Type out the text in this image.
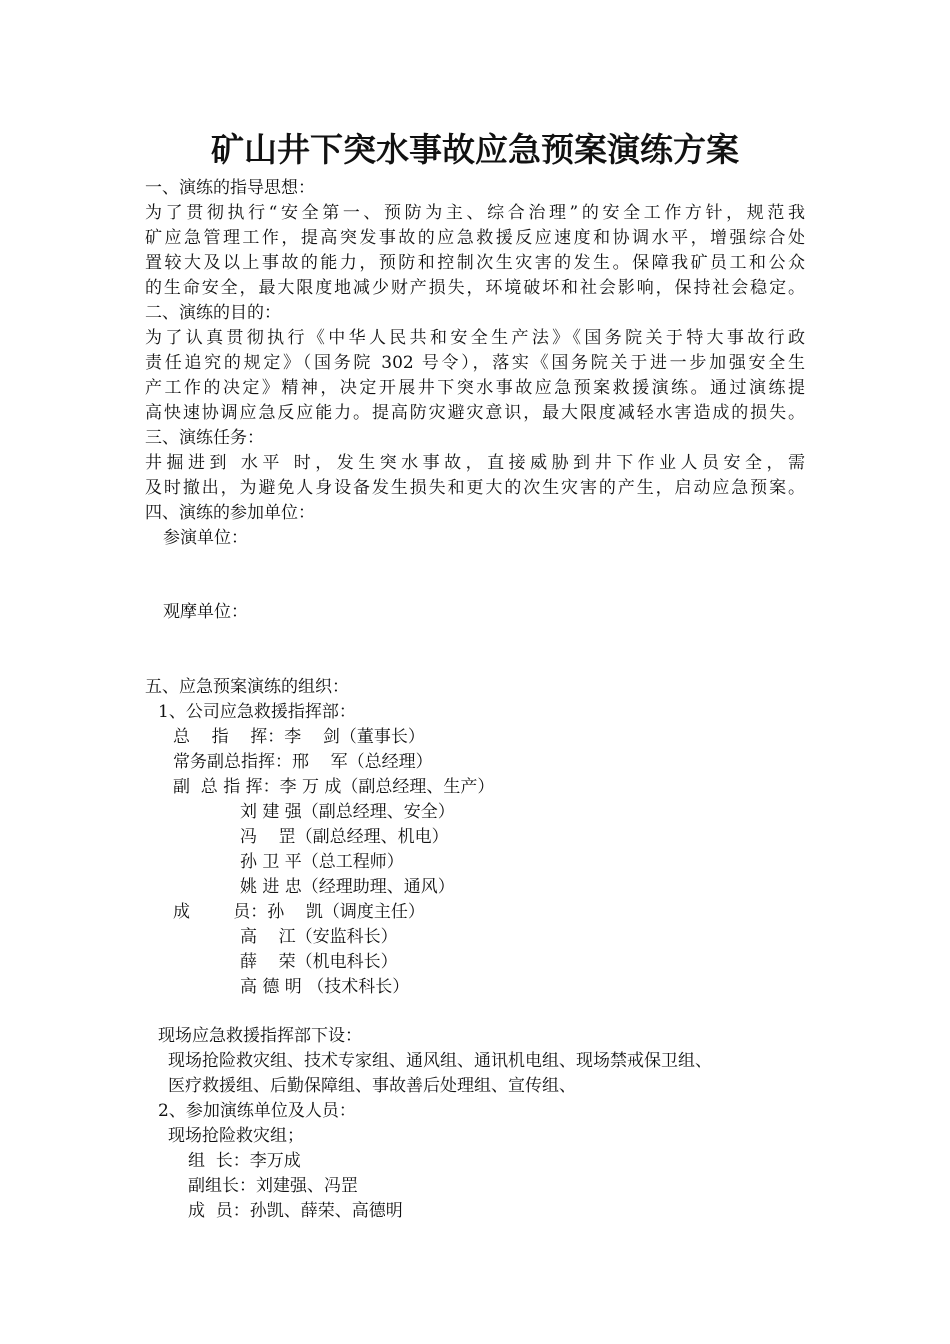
矿山井下突水事故应急预案演练方案
一、演练的指导思想：
为了贯彻执行“安全第一、预防为主、综合治理”的安全工作方针，规范我
矿应急管理工作，提高突发事故的应急救援反应速度和协调水平，增强综合处
置较大及以上事故的能力，预防和控制次生灾害的发生。保障我矿员工和公众
的生命安全，最大限度地减少财产损失，环境破坏和社会影响，保持社会稳定。
二、演练的目的：
为了认真贯彻执行《中华人民共和安全生产法》《国务院关于特大事故行政
责任追究的规定》（国务院 302 号令），落实《国务院关于进一步加强安全生
产工作的决定》精神，决定开展井下突水事故应急预案救援演练。通过演练提
高快速协调应急反应能力。提高防灾避灾意识，最大限度减轻水害造成的损失。
三、演练任务：
井掘进到 水平 时，发生突水事故，直接威胁到井下作业人员安全，需
及时撤出，为避免人身设备发生损失和更大的次生灾害的产生，启动应急预案。
四、演练的参加单位：
参演单位：
观摩单位：
五、应急预案演练的组织：
1、公司应急救援指挥部：
总    指    挥：李    剑（董事长）
常务副总指挥：邢    军（总经理）
副  总 指 挥：李 万 成（副总经理、生产）
刘 建 强（副总经理、安全）
冯    罡（副总经理、机电）
孙 卫 平（总工程师）
姚 进 忠（经理助理、通风）
成        员：孙    凯（调度主任）
高    江（安监科长）
薛    荣（机电科长）
高 德 明 （技术科长）
现场应急救援指挥部下设：
现场抢险救灾组、技术专家组、通风组、通讯机电组、现场禁戒保卫组、
医疗救援组、后勤保障组、事故善后处理组、宣传组、
2、参加演练单位及人员：
现场抢险救灾组；
组  长：李万成
副组长：刘建强、冯罡
成  员：孙凯、薛荣、高德明
